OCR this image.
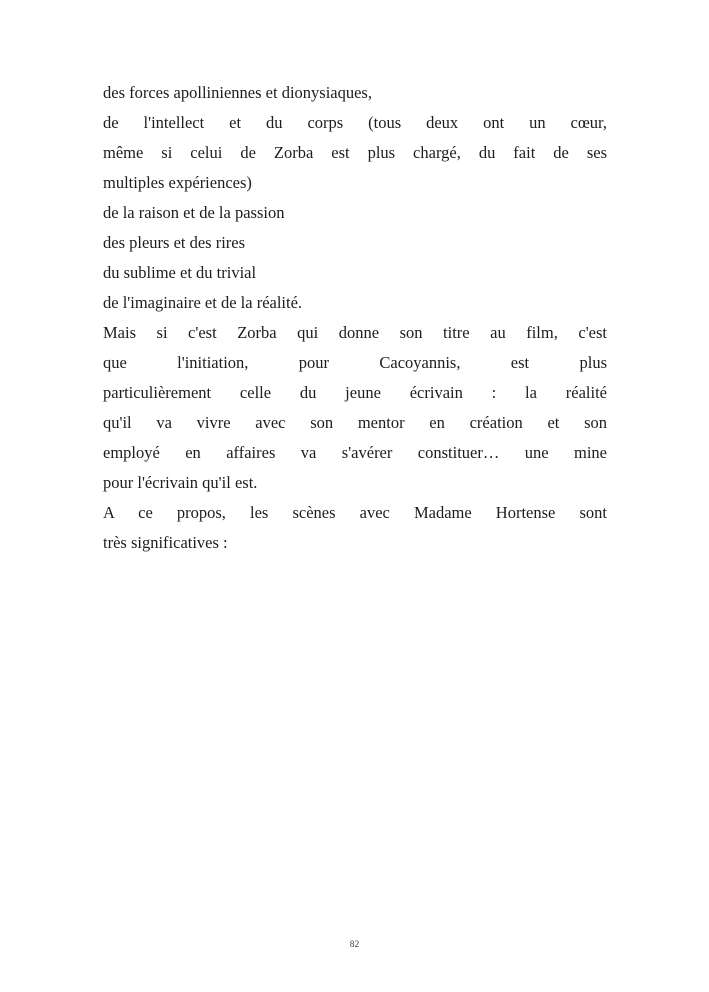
des forces apolliniennes et dionysiaques,
de l'intellect et du corps (tous deux ont un cœur,
même si celui de Zorba est plus chargé, du fait de ses
multiples expériences)
de la raison et de la passion
des pleurs et des rires
du sublime et du trivial
de l'imaginaire et de la réalité.
Mais si c'est Zorba qui donne son titre au film, c'est
que l'initiation, pour Cacoyannis, est plus
particulièrement celle du jeune écrivain : la réalité
qu'il va vivre avec son mentor en création et son
employé en affaires va s'avérer constituer… une mine
pour l'écrivain qu'il est.
A ce propos, les scènes avec Madame Hortense sont
très significatives :
82
